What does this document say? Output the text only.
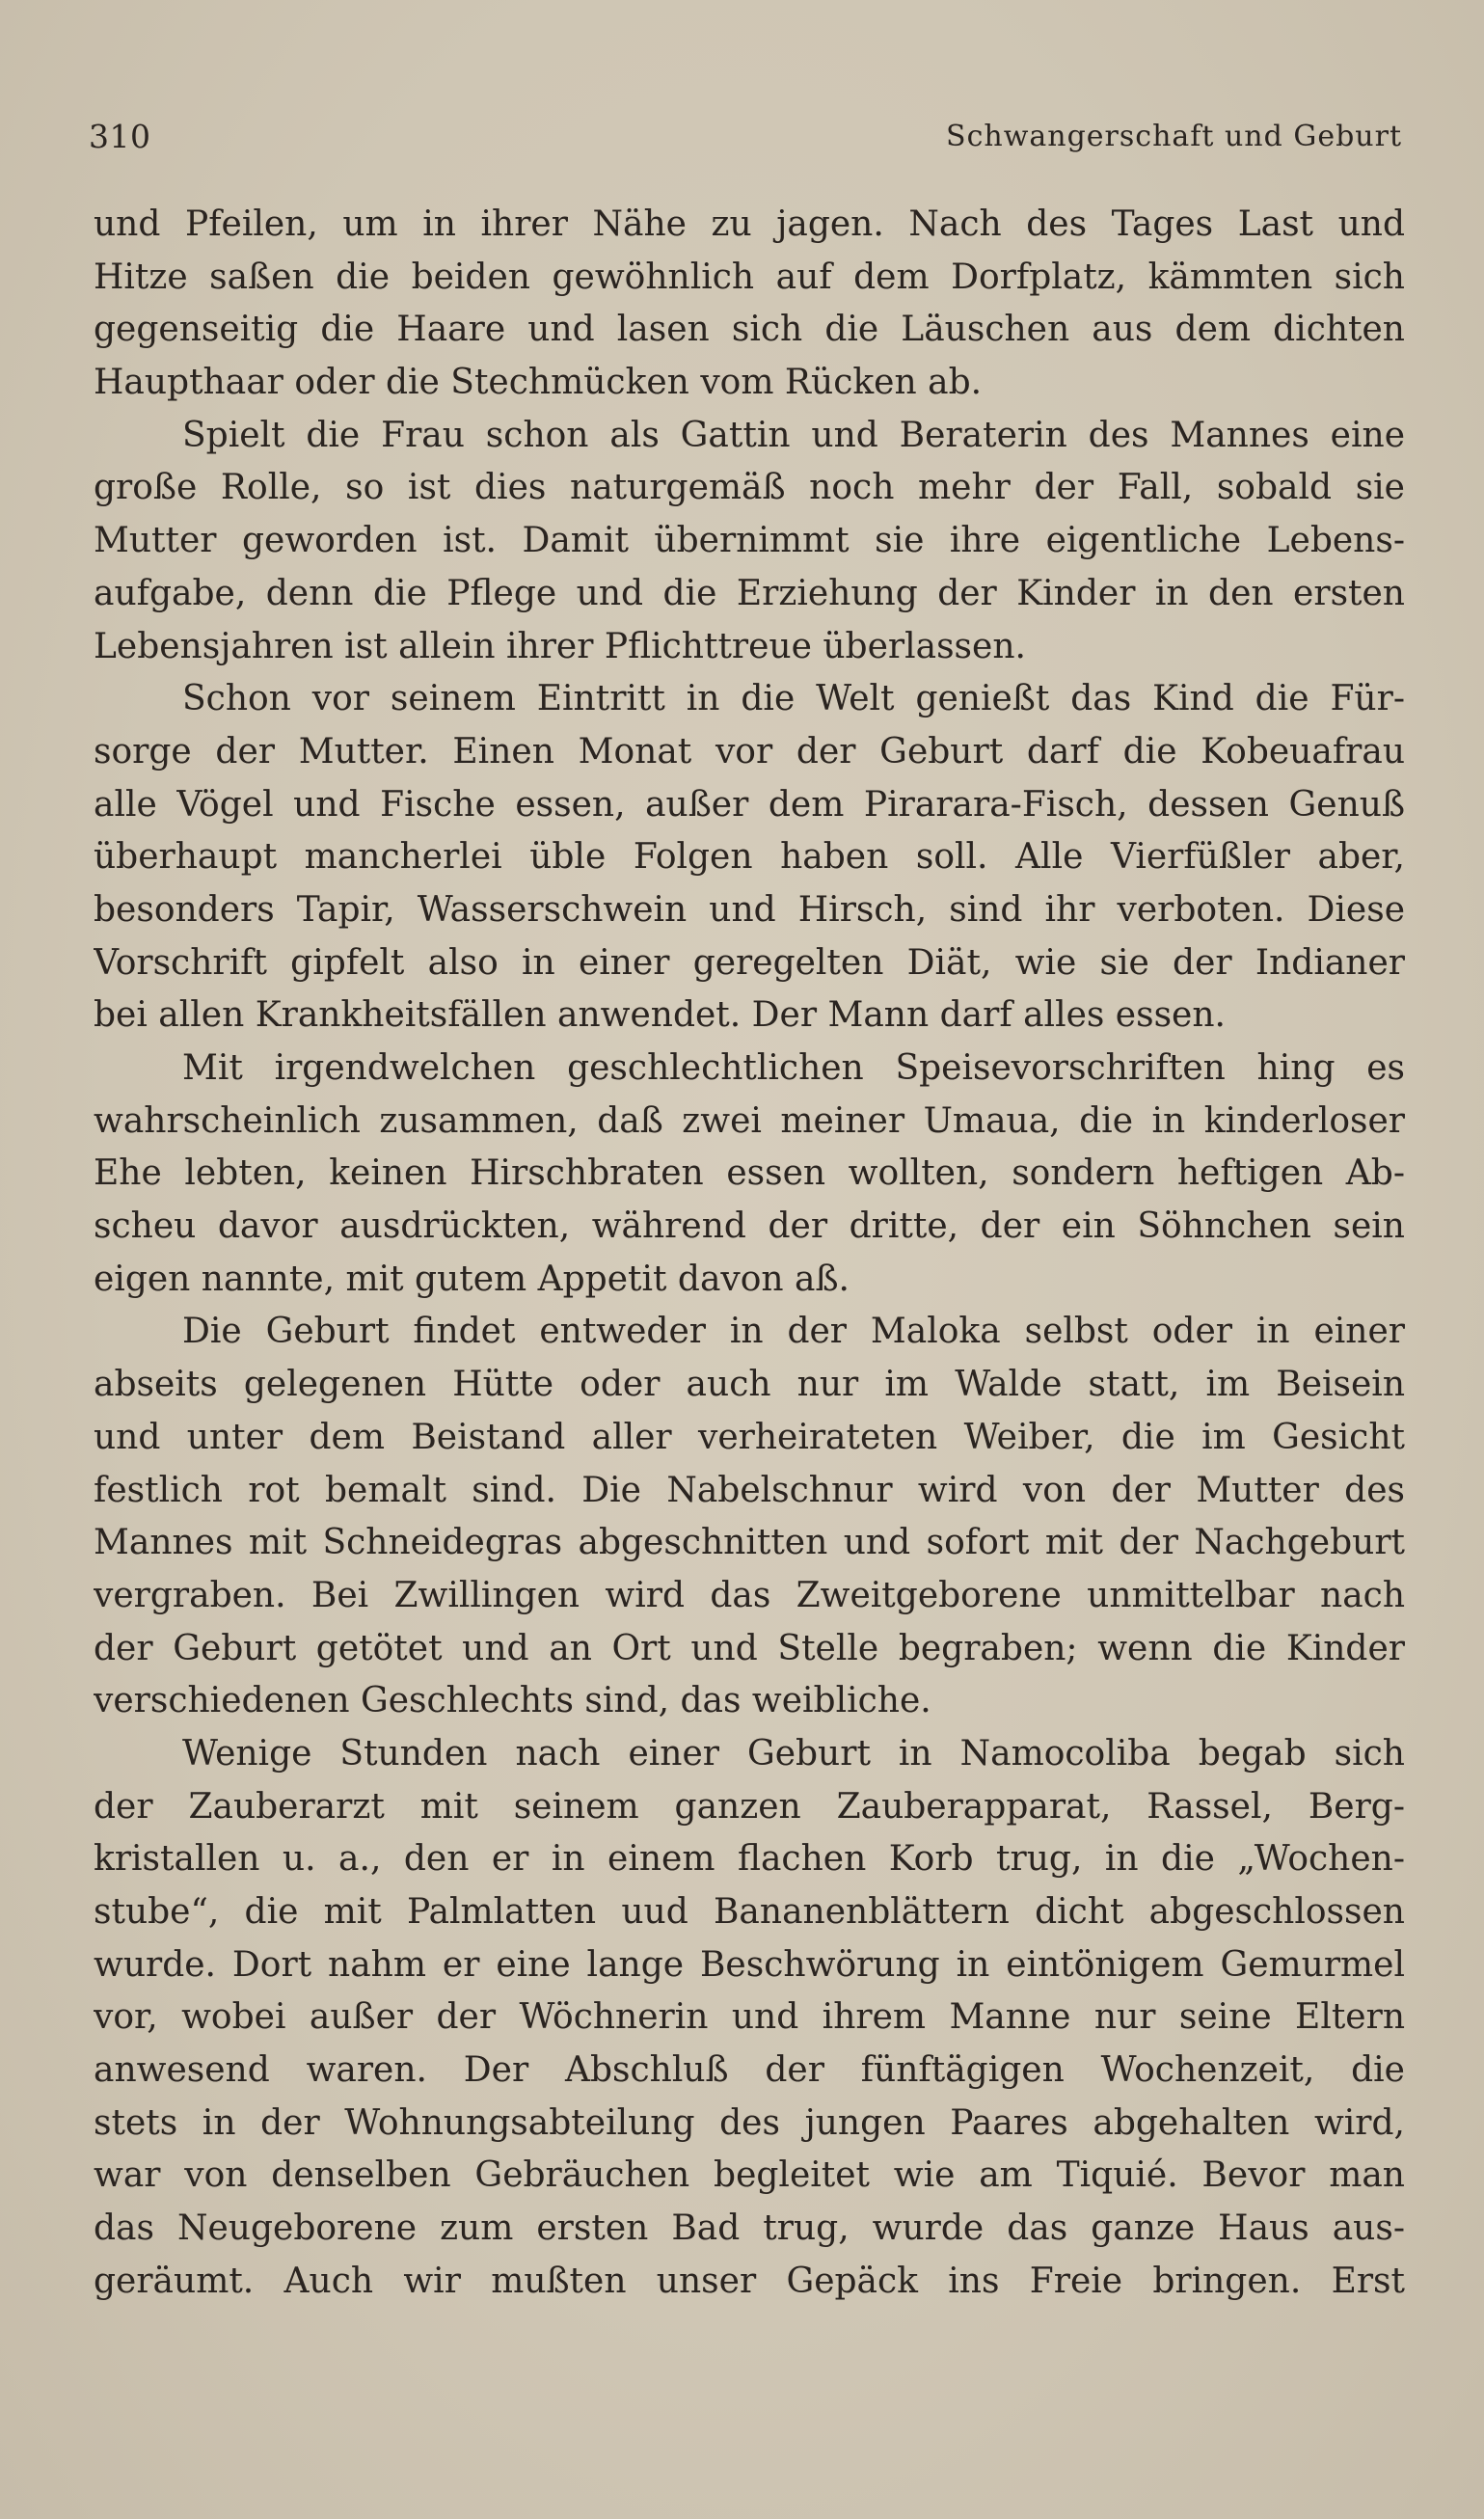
310	Schwangerschaft und Geburt
und Pfeilen, um in ihrer Nähe zu jagen. Nach des Tages Last und
Hitze saßen die beiden gewöhnlich auf dem Dorfplatz, kämmten sich
gegenseitig die Haare und lasen sich die Läuschen aus dem dichten
Haupthaar oder die Stechmücken vom Rücken ab.
Spielt die Frau schon als Gattin und Beraterin des Mannes eine
große Rolle, so ist dies naturgemäß noch mehr der Fall, sobald sie
Mutter geworden ist. Damit übernimmt sie ihre eigentliche Lebens-
aufgabe, denn die Pflege und die Erziehung der Kinder in den ersten
Lebensjahren ist allein ihrer Pflichttreue überlassen.
Schon vor seinem Eintritt in die Welt genießt das Kind die Für-
sorge der Mutter. Einen Monat vor der Geburt darf die Kobeuafrau
alle Vögel und Fische essen, außer dem Pirarara-Fisch, dessen Genuß
überhaupt mancherlei üble Folgen haben soll. Alle Vierfüßler aber,
besonders Tapir, Wasserschwein und Hirsch, sind ihr verboten. Diese
Vorschrift gipfelt also in einer geregelten Diät, wie sie der Indianer
bei allen Krankheitsfällen anwendet. Der Mann darf alles essen.
Mit irgendwelchen geschlechtlichen Speisevorschriften hing es
wahrscheinlich zusammen, daß zwei meiner Umaua, die in kinderloser
Ehe lebten, keinen Hirschbraten essen wollten, sondern heftigen Ab-
scheu davor ausdrückten, während der dritte, der ein Söhnchen sein
eigen nannte, mit gutem Appetit davon aß.
Die Geburt findet entweder in der Maloka selbst oder in einer
abseits gelegenen Hütte oder auch nur im Walde statt, im Beisein
und unter dem Beistand aller verheirateten Weiber, die im Gesicht
festlich rot bemalt sind. Die Nabelschnur wird von der Mutter des
Mannes mit Schneidegras abgeschnitten und sofort mit der Nachgeburt
vergraben. Bei Zwillingen wird das Zweitgeborene unmittelbar nach
der Geburt getötet und an Ort und Stelle begraben; wenn die Kinder
verschiedenen Geschlechts sind, das weibliche.
Wenige Stunden nach einer Geburt in Namocoliba begab sich
der Zauberarzt mit seinem ganzen Zauberapparat, Rassel, Berg-
kristallen u. a., den er in einem flachen Korb trug, in die „Wochen-
stube“, die mit Palmlatten uud Bananenblättern dicht abgeschlossen
wurde. Dort nahm er eine lange Beschwörung in eintönigem Gemurmel
vor, wobei außer der Wöchnerin und ihrem Manne nur seine Eltern
anwesend waren. Der Abschluß der fünftägigen Wochenzeit, die
stets in der Wohnungsabteilung des jungen Paares abgehalten wird,
war von denselben Gebräuchen begleitet wie am Tiquié. Bevor man
das Neugeborene zum ersten Bad trug, wurde das ganze Haus aus-
geräumt. Auch wir mußten unser Gepäck ins Freie bringen. Erst
